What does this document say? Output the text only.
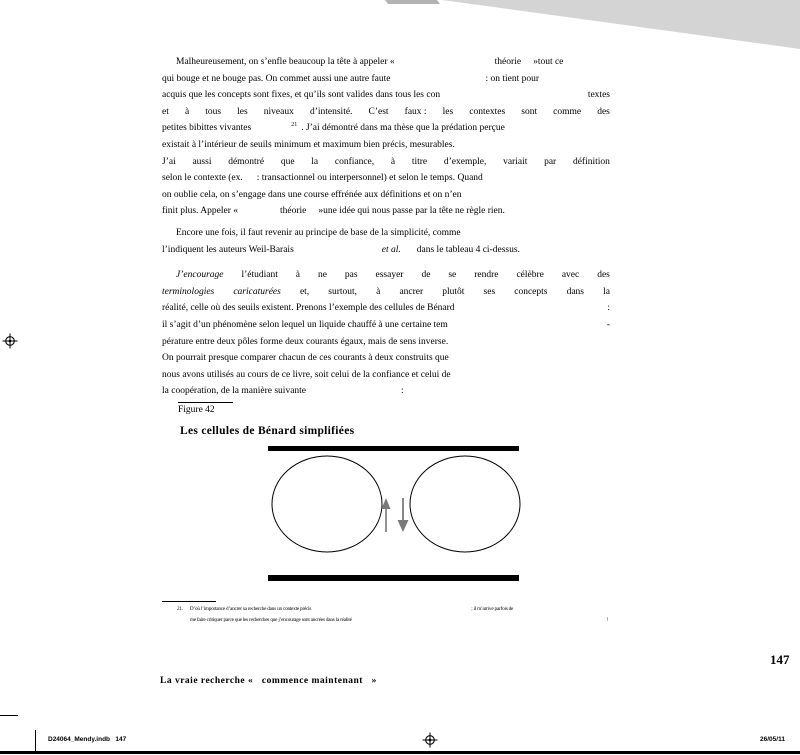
Malheureusement, on s’enfle beaucoup la tête à appeler «	théorie »tout ce
qui bouge et ne bouge pas. On commet aussi une autre faute	: on tient pour
acquis que les concepts sont fixes, et qu’ils sont valides dans tous les con	textes
et à tous les niveaux d’intensité. C’est faux : les contextes sont comme des
petites bibittes vivantes	$^{21}$ . J’ai démontré dans ma thèse que la prédation perçue
existait à l’intérieur de seuils minimum et maximum bien précis, mesurables.
J’ai aussi démontré que la confiance, à titre d’exemple, variait par définition
selon le contexte (ex. : transactionnel ou interpersonnel) et selon le temps. Quand
on oublie cela, on s’engage dans une course effrénée aux définitions et on n’en
finit plus. Appeler «	théorie »une idée qui nous passe par la tête ne règle rien.
Encore une fois, il faut revenir au principe de base de la simplicité, comme
l’indiquent les auteurs Weil-Barais	et al. dans le tableau 4 ci-dessus.
J’encourage l’étudiant à ne pas essayer de se rendre célèbre avec des
terminologies caricaturées et, surtout, à ancrer plutôt ses concepts dans la
réalité, celle où des seuils existent. Prenons l’exemple des cellules de Bénard	:
il s’agit d’un phénomène selon lequel un liquide chauffé à une certaine tem	-
pérature entre deux pôles forme deux courants égaux, mais de sens inverse.
On pourrait presque comparer chacun de ces courants à deux construits que
nous avons utilisés au cours de ce livre, soit celui de la confiance et celui de
la coopération, de la manière suivante	:
Figure 42
Les cellules de Bénard simplifiées
21. D’où l’importance d’ancrer sa recherche dans un contexte précis	; il m’arrive parfois de
me faire critiquer parce que les recherches que j’encourage sont ancrées dans la réalité	!
147
La vraie recherche «   commence maintenant   »
D24064_Mendy.indb   147	26/05/11
